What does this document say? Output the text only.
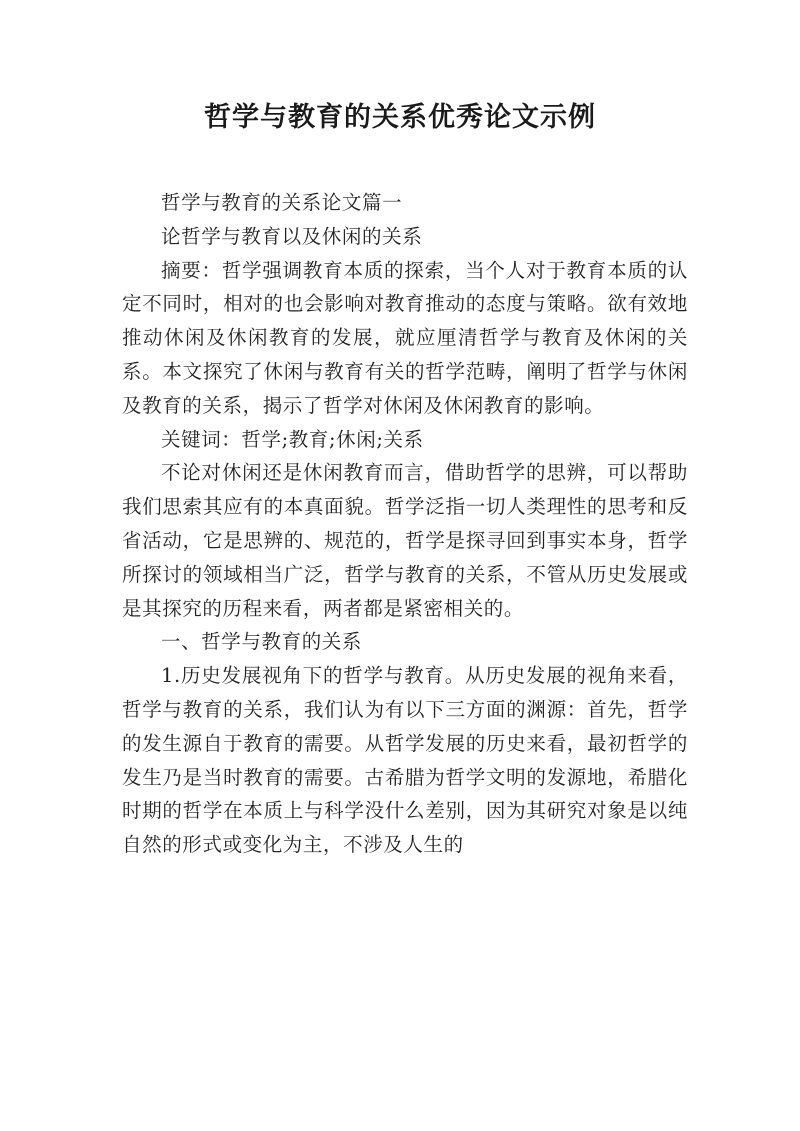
哲学与教育的关系优秀论文示例

哲学与教育的关系论文篇一

论哲学与教育以及休闲的关系

摘要：哲学强调教育本质的探索，当个人对于教育本质的认定不同时，相对的也会影响对教育推动的态度与策略。欲有效地推动休闲及休闲教育的发展，就应厘清哲学与教育及休闲的关系。本文探究了休闲与教育有关的哲学范畴，阐明了哲学与休闲及教育的关系，揭示了哲学对休闲及休闲教育的影响。

关键词：哲学;教育;休闲;关系

不论对休闲还是休闲教育而言，借助哲学的思辨，可以帮助我们思索其应有的本真面貌。哲学泛指一切人类理性的思考和反省活动，它是思辨的、规范的，哲学是探寻回到事实本身，哲学所探讨的领域相当广泛，哲学与教育的关系，不管从历史发展或是其探究的历程来看，两者都是紧密相关的。

一、哲学与教育的关系

1.历史发展视角下的哲学与教育。从历史发展的视角来看，哲学与教育的关系，我们认为有以下三方面的渊源：首先，哲学的发生源自于教育的需要。从哲学发展的历史来看，最初哲学的发生乃是当时教育的需要。古希腊为哲学文明的发源地，希腊化时期的哲学在本质上与科学没什么差别，因为其研究对象是以纯自然的形式或变化为主，不涉及人生的
